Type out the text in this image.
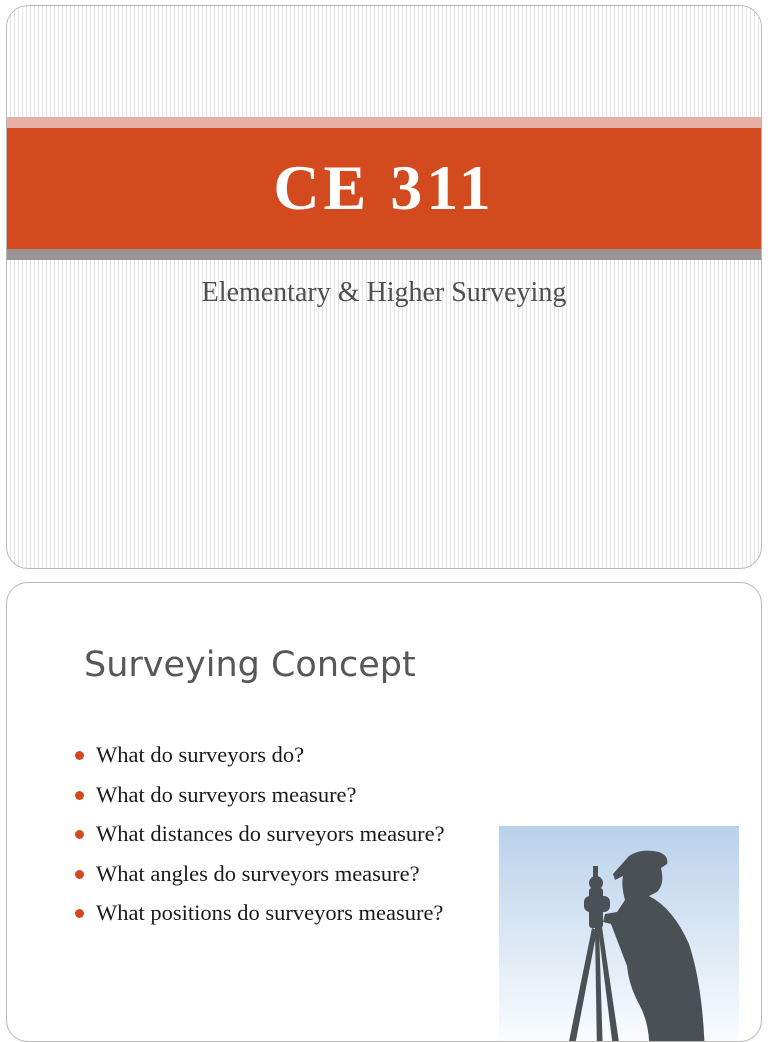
CE 311
Elementary & Higher Surveying
Surveying Concept
What do surveyors do?
What do surveyors measure?
What distances do surveyors measure?
What angles do surveyors measure?
What positions do surveyors measure?
